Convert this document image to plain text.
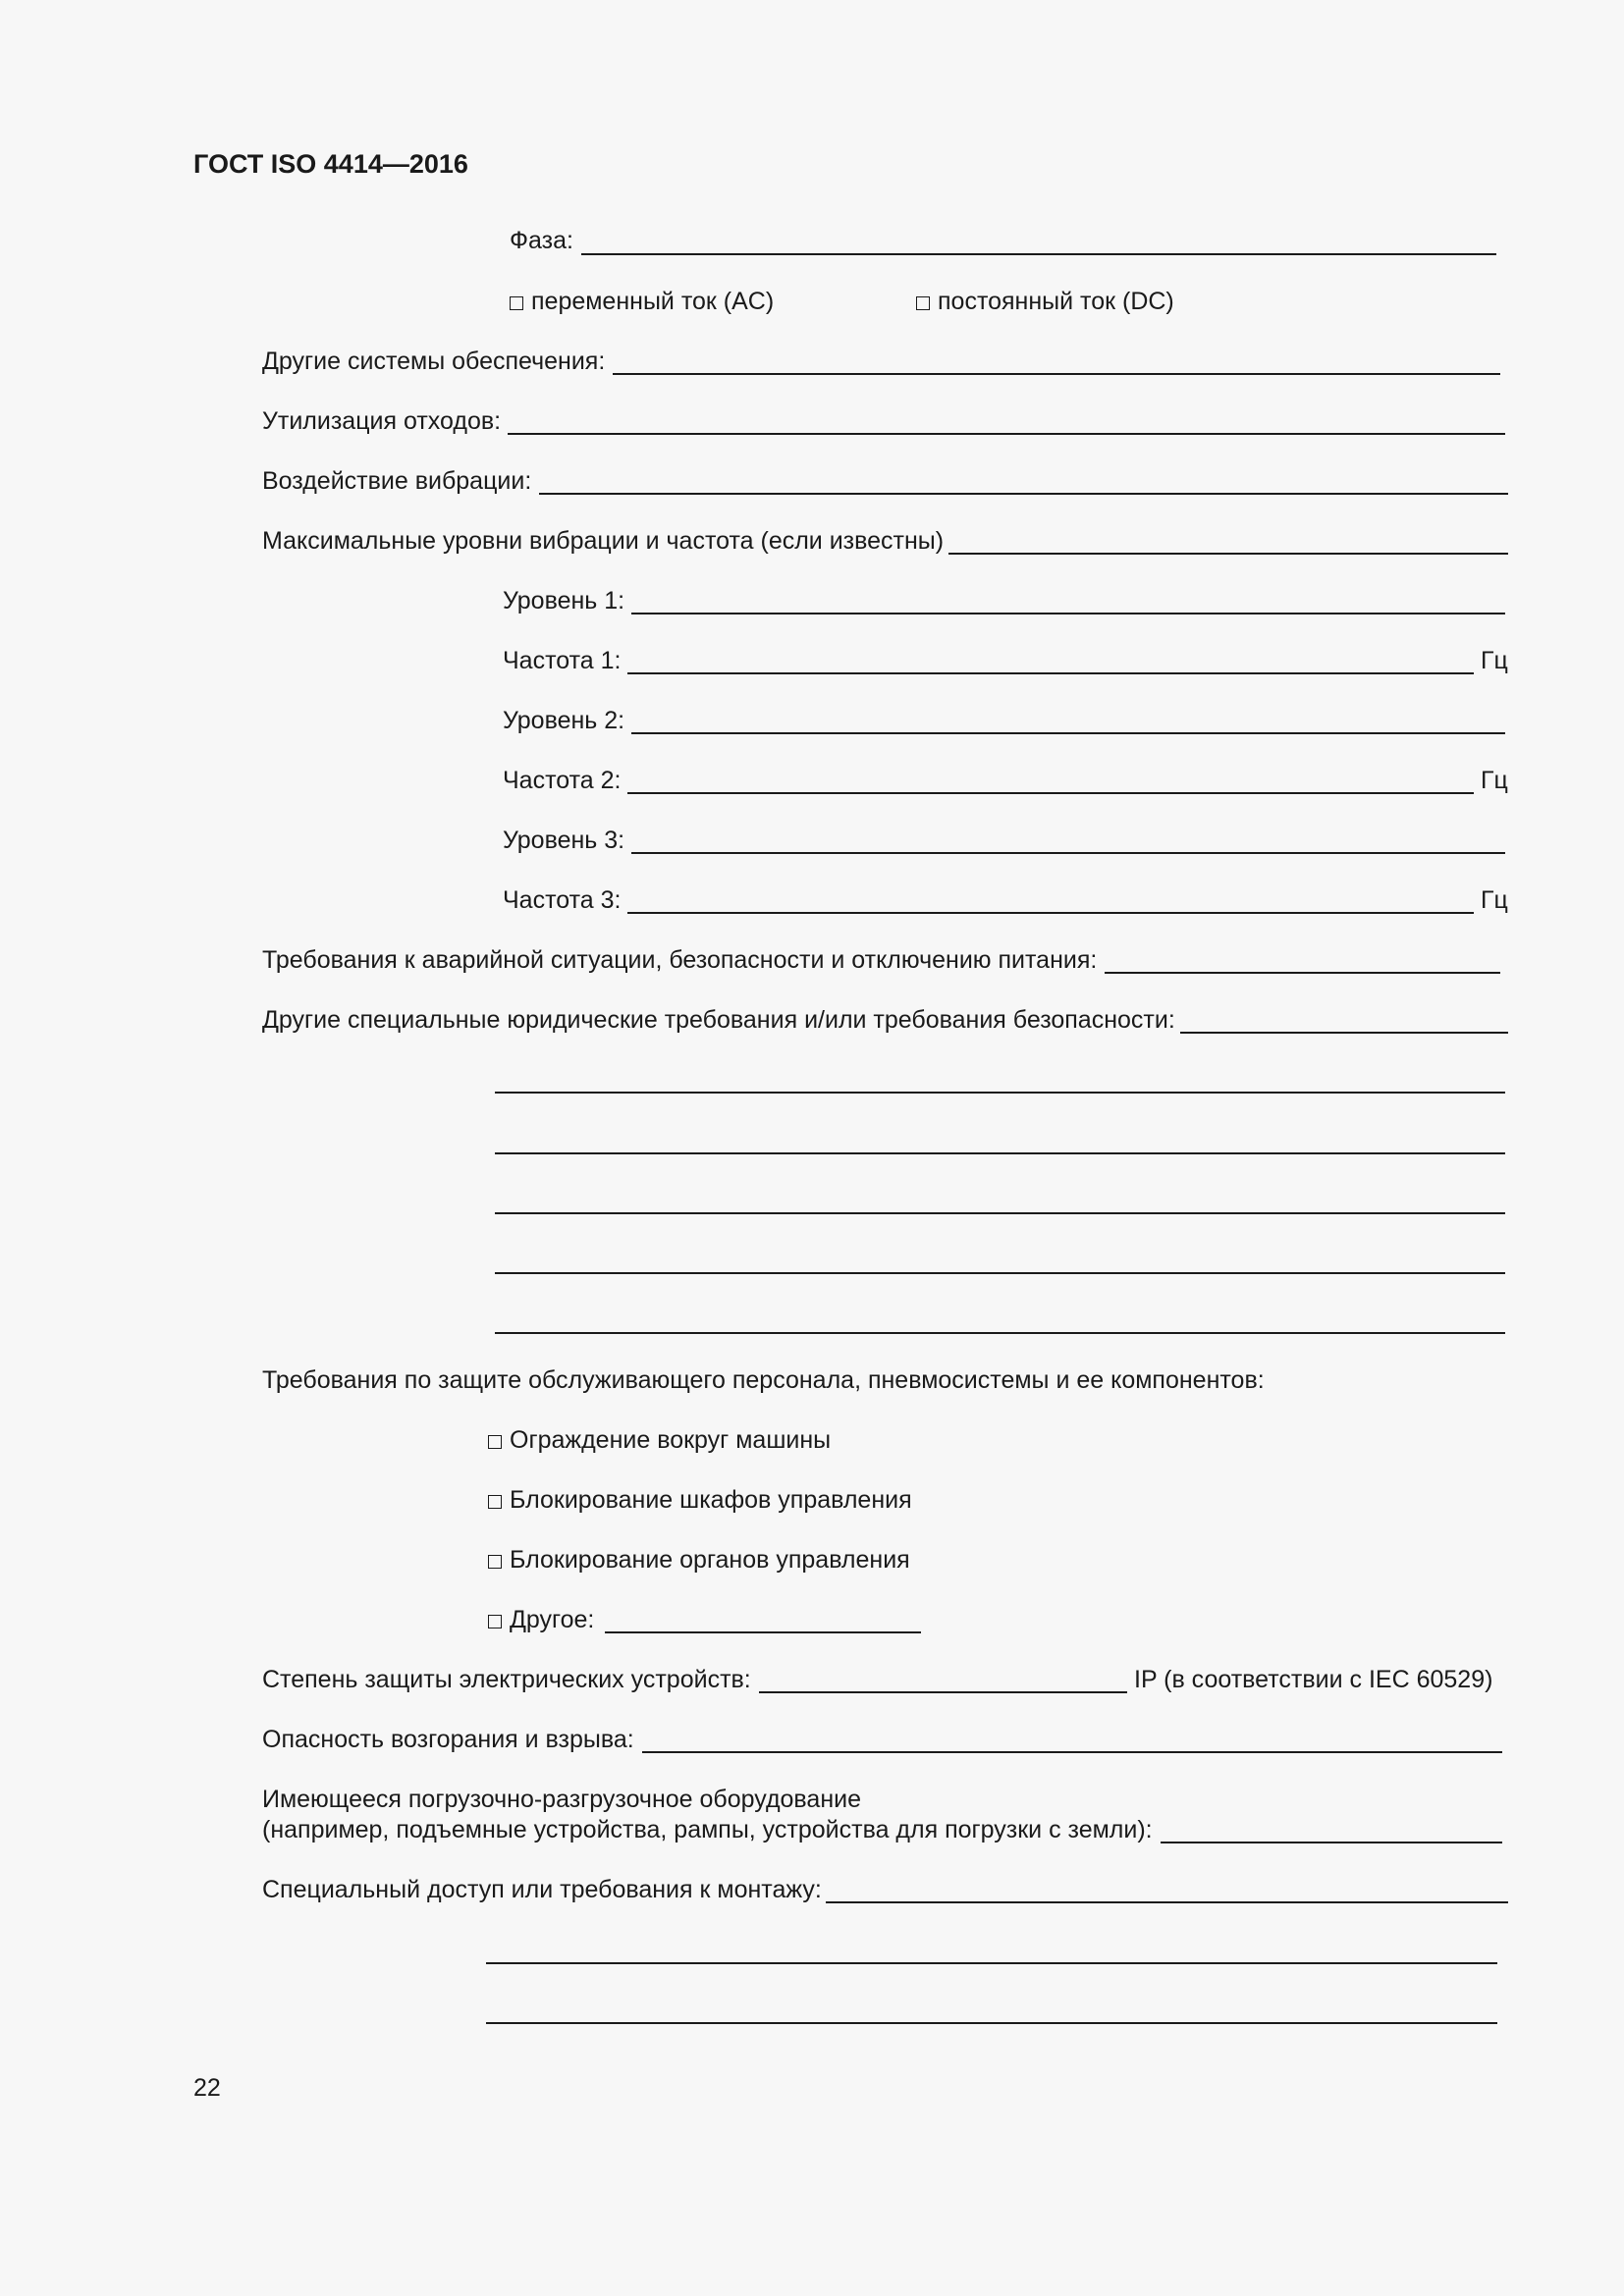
ГОСТ ISO 4414—2016
Фаза:
переменный ток (AC)	постоянный ток (DC)
Другие системы обеспечения:
Утилизация отходов:
Воздействие вибрации:
Максимальные уровни вибрации и частота (если известны)
Уровень 1:
Частота 1:	Гц
Уровень 2:
Частота 2:	Гц
Уровень 3:
Частота 3:	Гц
Требования к аварийной ситуации, безопасности и отключению питания:
Другие специальные юридические требования и/или требования безопасности:
Требования по защите обслуживающего персонала, пневмосистемы и ее компонентов:
Ограждение вокруг машины
Блокирование шкафов управления
Блокирование органов управления
Другое:
Степень защиты электрических устройств:	IP (в соответствии с IEC 60529)
Опасность возгорания и взрыва:
Имеющееся погрузочно-разгрузочное оборудование
(например, подъемные устройства, рампы, устройства для погрузки с земли):
Специальный доступ или требования к монтажу:
22
